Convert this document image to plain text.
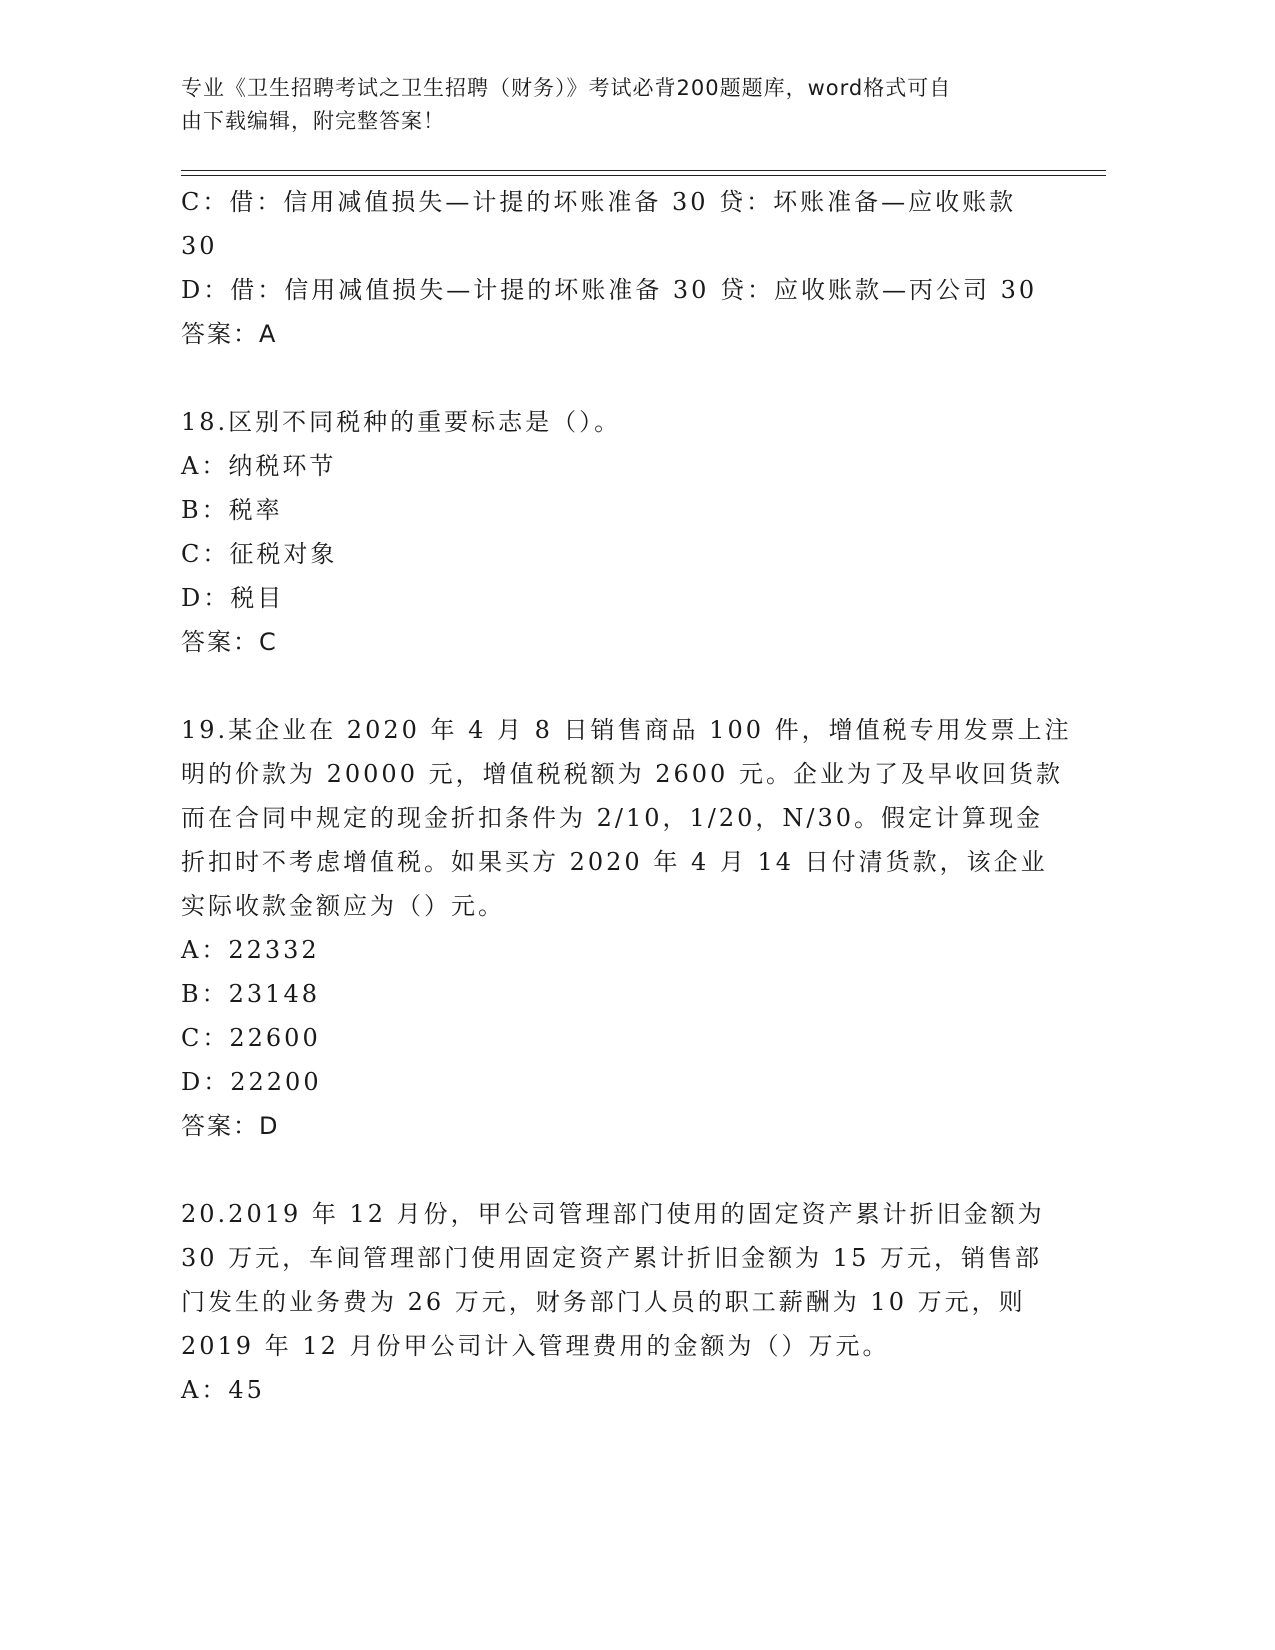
专业《卫生招聘考试之卫生招聘（财务）》考试必背200题题库，word格式可自
由下载编辑，附完整答案！
C：借：信用减值损失—计提的坏账准备 30 贷：坏账准备—应收账款
30
D：借：信用减值损失—计提的坏账准备 30 贷：应收账款—丙公司 30
答案：A
18.区别不同税种的重要标志是（）。
A：纳税环节
B：税率
C：征税对象
D：税目
答案：C
19.某企业在 2020 年 4 月 8 日销售商品 100 件，增值税专用发票上注
明的价款为 20000 元，增值税税额为 2600 元。企业为了及早收回货款
而在合同中规定的现金折扣条件为 2/10，1/20，N/30。假定计算现金
折扣时不考虑增值税。如果买方 2020 年 4 月 14 日付清货款，该企业
实际收款金额应为（）元。
A：22332
B：23148
C：22600
D：22200
答案：D
20.2019 年 12 月份，甲公司管理部门使用的固定资产累计折旧金额为
30 万元，车间管理部门使用固定资产累计折旧金额为 15 万元，销售部
门发生的业务费为 26 万元，财务部门人员的职工薪酬为 10 万元，则
2019 年 12 月份甲公司计入管理费用的金额为（）万元。
A：45
